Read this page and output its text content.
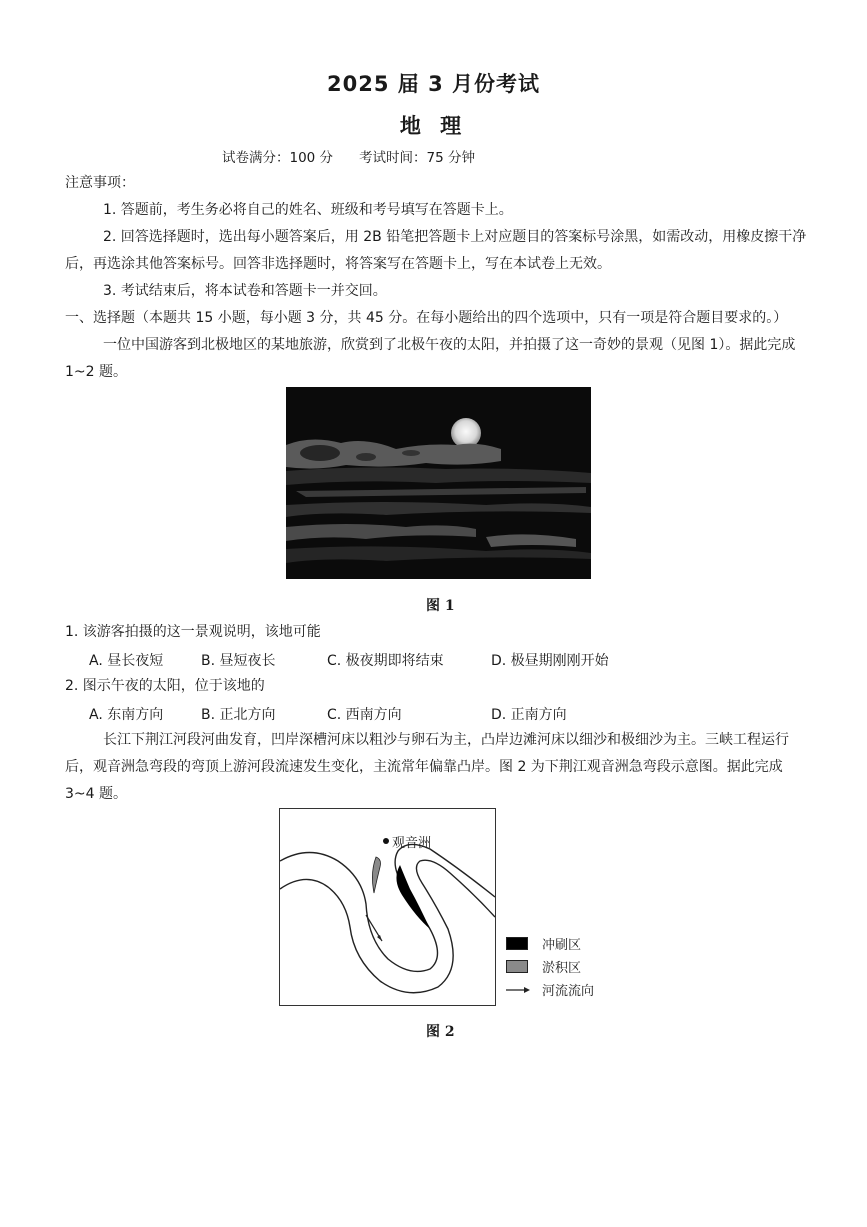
2025 届 3 月份考试
地 理
试卷满分：100 分 考试时间：75 分钟
注意事项：
1. 答题前，考生务必将自己的姓名、班级和考号填写在答题卡上。
2. 回答选择题时，选出每小题答案后，用 2B 铅笔把答题卡上对应题目的答案标号涂黑，如需改动，用橡皮擦干净后，再选涂其他答案标号。回答非选择题时，将答案写在答题卡上，写在本试卷上无效。
3. 考试结束后，将本试卷和答题卡一并交回。
一、选择题（本题共 15 小题，每小题 3 分，共 45 分。在每小题给出的四个选项中，只有一项是符合题目要求的。）
一位中国游客到北极地区的某地旅游，欣赏到了北极午夜的太阳，并拍摄了这一奇妙的景观（见图 1）。据此完成 1~2 题。
图 1
1. 该游客拍摄的这一景观说明，该地可能
A. 昼长夜短	B. 昼短夜长	C. 极夜期即将结束	D. 极昼期刚刚开始
2. 图示午夜的太阳，位于该地的
A. 东南方向	B. 正北方向	C. 西南方向	D. 正南方向
长江下荆江河段河曲发育，凹岸深槽河床以粗沙与卵石为主，凸岸边滩河床以细沙和极细沙为主。三峡工程运行后，观音洲急弯段的弯顶上游河段流速发生变化，主流常年偏靠凸岸。图 2 为下荆江观音洲急弯段示意图。据此完成 3~4 题。
观音洲
冲刷区
淤积区
河流流向
图 2
